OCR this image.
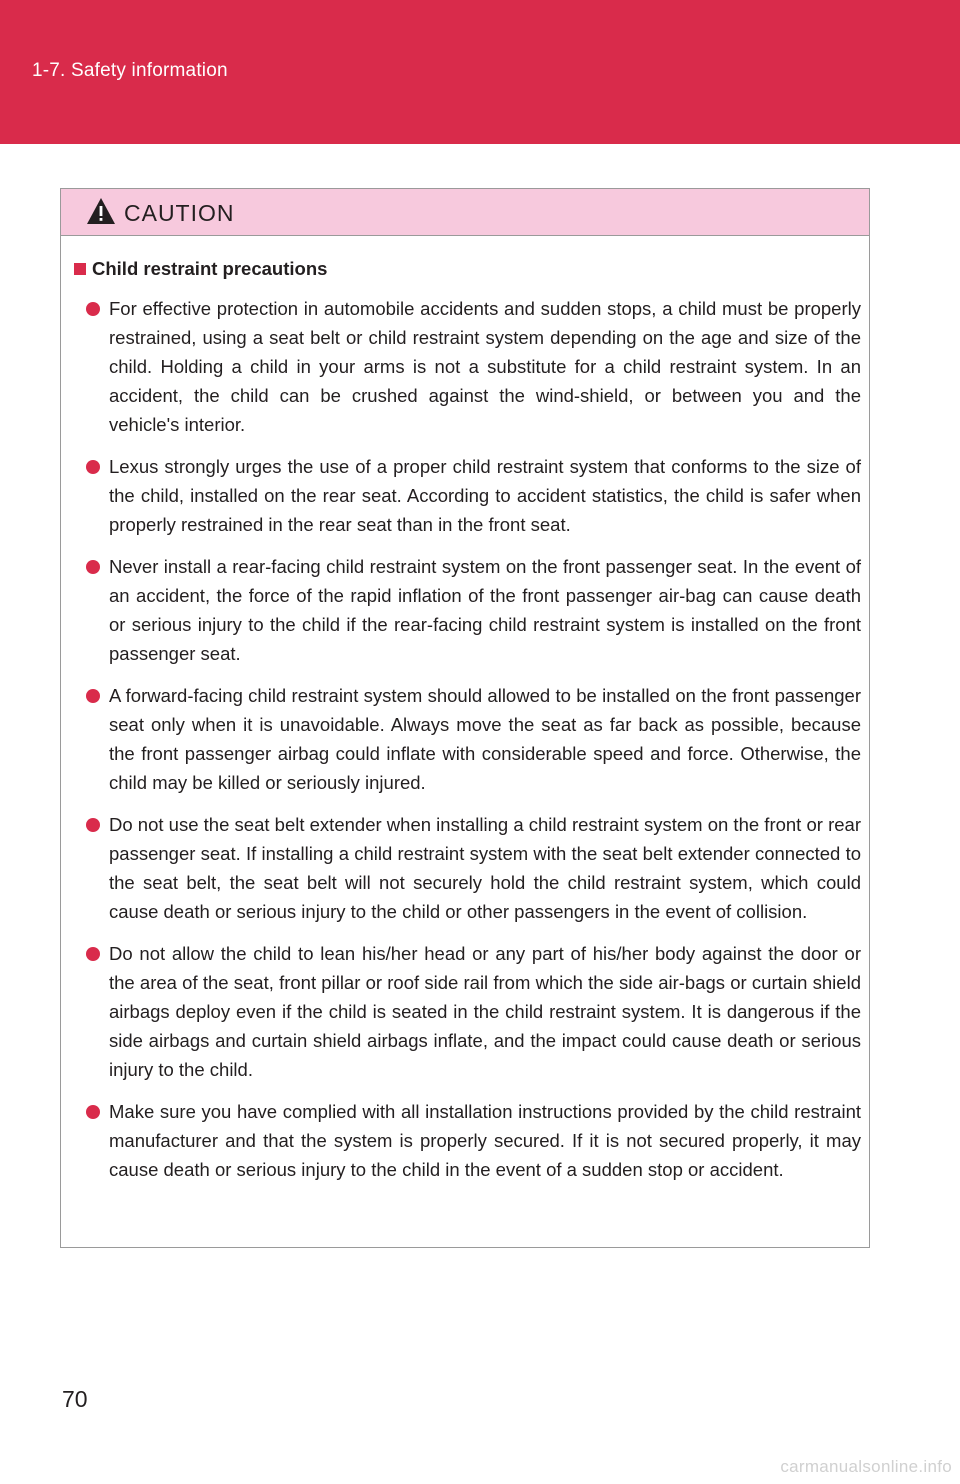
1-7. Safety information
CAUTION
Child restraint precautions
For effective protection in automobile accidents and sudden stops, a child must be properly restrained, using a seat belt or child restraint system depending on the age and size of the child. Holding a child in your arms is not a substitute for a child restraint system. In an accident, the child can be crushed against the wind-shield, or between you and the vehicle's interior.
Lexus strongly urges the use of a proper child restraint system that conforms to the size of the child, installed on the rear seat. According to accident statistics, the child is safer when properly restrained in the rear seat than in the front seat.
Never install a rear-facing child restraint system on the front passenger seat. In the event of an accident, the force of the rapid inflation of the front passenger air-bag can cause death or serious injury to the child if the rear-facing child restraint system is installed on the front passenger seat.
A forward-facing child restraint system should allowed to be installed on the front passenger seat only when it is unavoidable. Always move the seat as far back as possible, because the front passenger airbag could inflate with considerable speed and force. Otherwise, the child may be killed or seriously injured.
Do not use the seat belt extender when installing a child restraint system on the front or rear passenger seat. If installing a child restraint system with the seat belt extender connected to the seat belt, the seat belt will not securely hold the child restraint system, which could cause death or serious injury to the child or other passengers in the event of collision.
Do not allow the child to lean his/her head or any part of his/her body against the door or the area of the seat, front pillar or roof side rail from which the side air-bags or curtain shield airbags deploy even if the child is seated in the child restraint system. It is dangerous if the side airbags and curtain shield airbags inflate, and the impact could cause death or serious injury to the child.
Make sure you have complied with all installation instructions provided by the child restraint manufacturer and that the system is properly secured. If it is not secured properly, it may cause death or serious injury to the child in the event of a sudden stop or accident.
70
carmanualsonline.info
